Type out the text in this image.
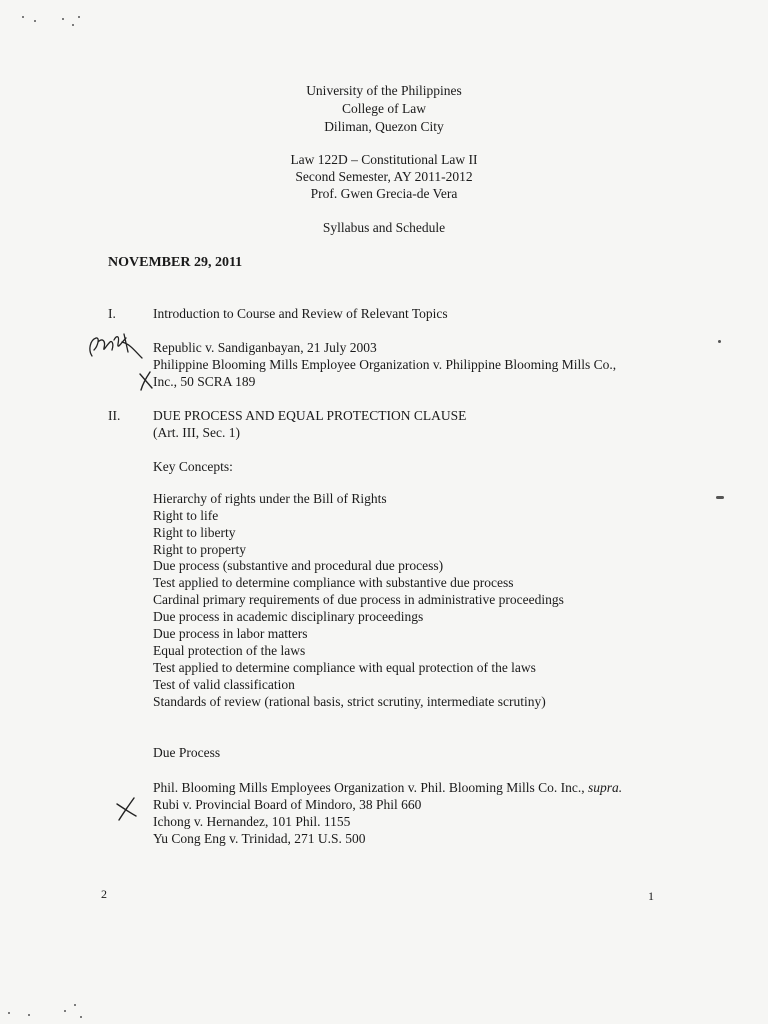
University of the Philippines
College of Law
Diliman, Quezon City
Law 122D – Constitutional Law II
Second Semester, AY 2011-2012
Prof. Gwen Grecia-de Vera
Syllabus and Schedule
NOVEMBER 29, 2011
I.	Introduction to Course and Review of Relevant Topics
Republic v. Sandiganbayan, 21 July 2003
Philippine Blooming Mills Employee Organization v. Philippine Blooming Mills Co.,
Inc., 50 SCRA 189
II. DUE PROCESS AND EQUAL PROTECTION CLAUSE
(Art. III, Sec. 1)
Key Concepts:
Hierarchy of rights under the Bill of Rights
Right to life
Right to liberty
Right to property
Due process (substantive and procedural due process)
Test applied to determine compliance with substantive due process
Cardinal primary requirements of due process in administrative proceedings
Due process in academic disciplinary proceedings
Due process in labor matters
Equal protection of the laws
Test applied to determine compliance with equal protection of the laws
Test of valid classification
Standards of review (rational basis, strict scrutiny, intermediate scrutiny)
Due Process
Phil. Blooming Mills Employees Organization v. Phil. Blooming Mills Co. Inc., supra.
Rubi v. Provincial Board of Mindoro, 38 Phil 660
Ichong v. Hernandez, 101 Phil. 1155
Yu Cong Eng v. Trinidad, 271 U.S. 500
2	1
